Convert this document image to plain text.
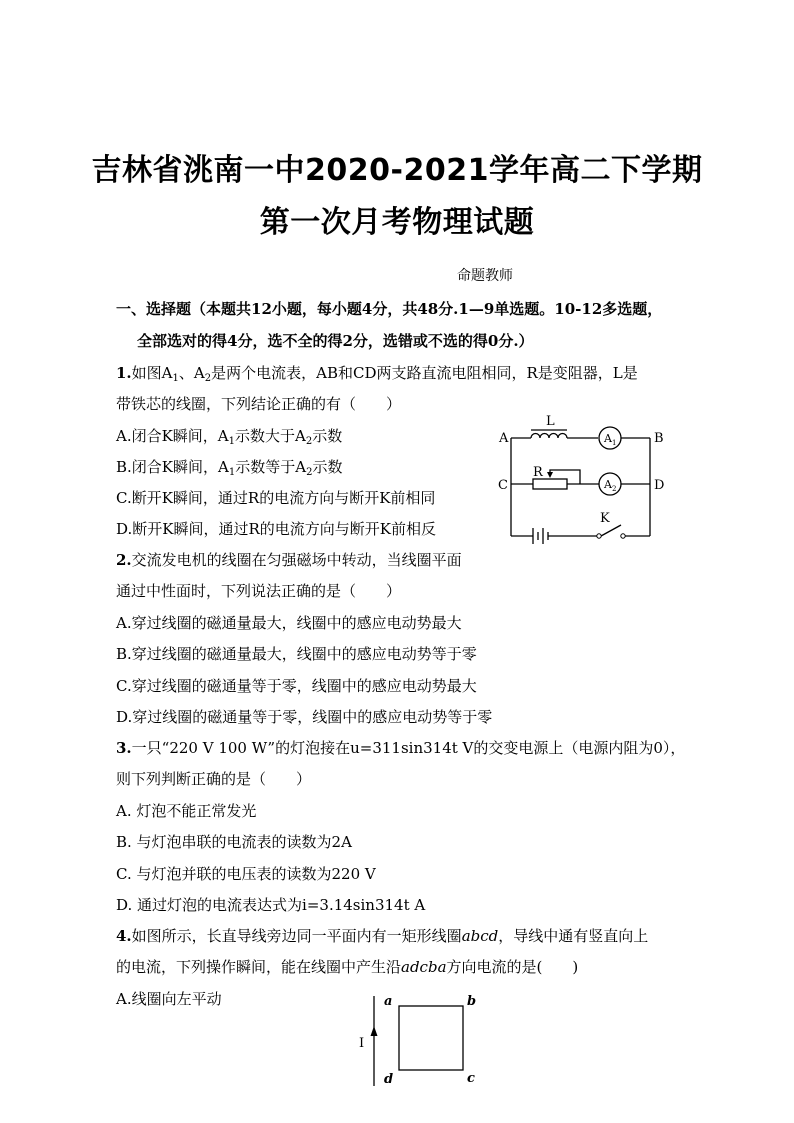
吉林省洮南一中2020-2021学年高二下学期
第一次月考物理试题
命题教师
一、选择题（本题共12小题，每小题4分，共48分.1—9单选题。10-12多选题，
全部选对的得4分，选不全的得2分，选错或不选的得0分.）
1.如图$A_1$、$A_2$是两个电流表，AB和CD两支路直流电阻相同，R是变阻器，L是
带铁芯的线圈，下列结论正确的有（　　）
A.闭合K瞬间，$A_1$示数大于$A_2$示数
B.闭合K瞬间，$A_1$示数等于$A_2$示数
C.断开K瞬间，通过R的电流方向与断开K前相同
D.断开K瞬间，通过R的电流方向与断开K前相反
A	B
C	D
L
R
K
A 1
A 2
2.交流发电机的线圈在匀强磁场中转动，当线圈平面
通过中性面时，下列说法正确的是（　　）
A.穿过线圈的磁通量最大，线圈中的感应电动势最大
B.穿过线圈的磁通量最大，线圈中的感应电动势等于零
C.穿过线圈的磁通量等于零，线圈中的感应电动势最大
D.穿过线圈的磁通量等于零，线圈中的感应电动势等于零
3.一只“220 V 100 W”的灯泡接在u=311sin314t V的交变电源上（电源内阻为0），
则下列判断正确的是（　　）
A. 灯泡不能正常发光
B. 与灯泡串联的电流表的读数为2A
C. 与灯泡并联的电压表的读数为220 V
D. 通过灯泡的电流表达式为i=3.14sin314t A
4.如图所示，长直导线旁边同一平面内有一矩形线圈abcd，导线中通有竖直向上
的电流，下列操作瞬间，能在线圈中产生沿adcba方向电流的是(　　)
A.线圈向左平动	a	b
c
d
I
